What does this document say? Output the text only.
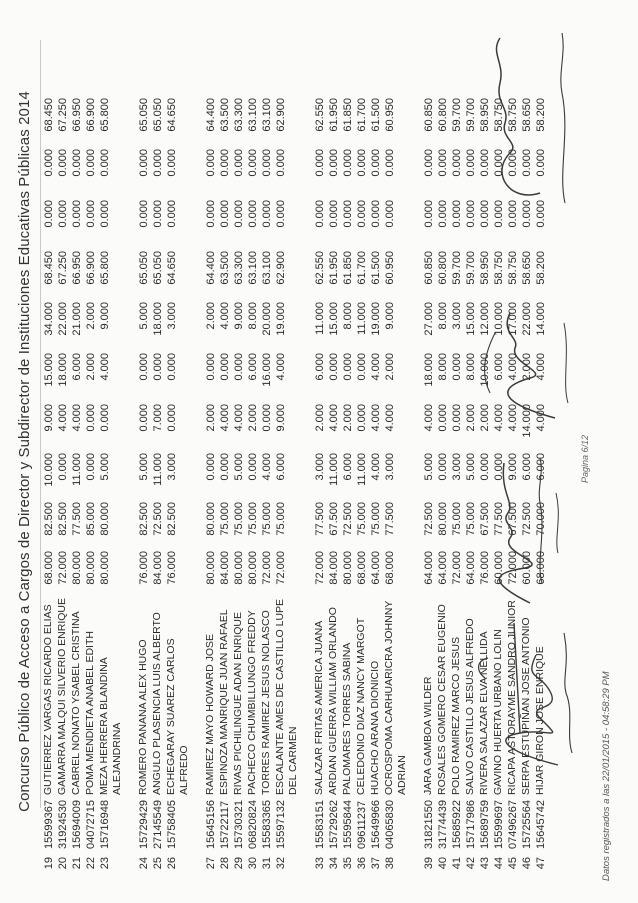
Concurso Público de Acceso a Cargos de Director y Subdirector de Instituciones Educativas Públicas 2014
19
15599367
GUTIERREZ VARGAS RICARDO ELIAS
68.000
82.500
10.000
9.000
15.000
34.000
68.450
0.000
0.000
68.450
20
31924530
GAMARRA MALQUI SILVERIO ENRIQUE
72.000
82.500
0.000
4.000
18.000
22.000
67.250
0.000
0.000
67.250
21
15694009
CABREL NONATO YSABEL CRISTINA
80.000
77.500
11.000
4.000
6.000
21.000
66.950
0.000
0.000
66.950
22
04072715
POMA MENDIETA ANABEL EDITH
80.000
85.000
0.000
0.000
2.000
2.000
66.900
0.000
0.000
66.900
23
15716948
MEZA HERRERA BLANDINA ALEJANDRINA
80.000
80.000
5.000
0.000
4.000
9.000
65.800
0.000
0.000
65.800
24
15729429
ROMERO PANANA ALEX HUGO
76.000
82.500
5.000
0.000
0.000
5.000
65.050
0.000
0.000
65.050
25
27145549
ANGULO PLASENCIA LUIS ALBERTO
84.000
72.500
11.000
7.000
0.000
18.000
65.050
0.000
0.000
65.050
26
15758405
ECHEGARAY SUAREZ CARLOS ALFREDO
76.000
82.500
3.000
0.000
0.000
3.000
64.650
0.000
0.000
64.650
27
15645156
RAMIREZ MAYO HOWARD JOSE
80.000
80.000
0.000
2.000
0.000
2.000
64.400
0.000
0.000
64.400
28
15722117
ESPINOZA MANRIQUE JUAN RAFAEL
84.000
75.000
0.000
4.000
0.000
4.000
63.500
0.000
0.000
63.500
29
15730321
RIVAS PICHILINGUE ADAN ENRIQUE
80.000
75.000
5.000
4.000
0.000
9.000
63.300
0.000
0.000
63.300
30
06820824
PACHECO CHUMBILLUNGO FREDDY
80.000
75.000
0.000
2.000
6.000
8.000
63.100
0.000
0.000
63.100
31
15583365
TORRES RAMIREZ JESUS NOLASCO
72.000
75.000
4.000
0.000
16.000
20.000
63.100
0.000
0.000
63.100
32
15597132
ESCALANTE AMES DE CASTILLO LUPE DEL CARMEN
72.000
75.000
6.000
9.000
4.000
19.000
62.900
0.000
0.000
62.900
33
15583151
SALAZAR FRITAS AMERICA JUANA
72.000
77.500
3.000
2.000
6.000
11.000
62.550
0.000
0.000
62.550
34
15729262
ARDIAN GUERRA WILLIAM ORLANDO
84.000
67.500
11.000
4.000
0.000
15.000
61.950
0.000
0.000
61.950
35
15595844
PALOMARES TORRES SABINA
80.000
72.500
6.000
2.000
0.000
8.000
61.850
0.000
0.000
61.850
36
09611237
CELEDONIO DIAZ NANCY MARGOT
68.000
75.000
11.000
0.000
0.000
11.000
61.700
0.000
0.000
61.700
37
15649966
HUACHO ARANA DIONICIO
64.000
75.000
4.000
4.000
4.000
19.000
61.500
0.000
0.000
61.500
38
04065830
OCROSPOMA CARHUARICRA JOHNNY ADRIAN
68.000
77.500
3.000
4.000
2.000
9.000
60.950
0.000
0.000
60.950
39
31821550
JARA GAMBOA WILDER
64.000
72.500
5.000
4.000
18.000
27.000
60.850
0.000
0.000
60.850
40
31774439
ROSALES GOMERO CESAR EUGENIO
64.000
80.000
0.000
0.000
8.000
8.000
60.800
0.000
0.000
60.800
41
15685922
POLO RAMIREZ MARCO JESUS
72.000
75.000
3.000
0.000
0.000
3.000
59.700
0.000
0.000
59.700
42
15717986
SALVO CASTILLO JESUS ALFREDO
64.000
75.000
5.000
2.000
8.000
15.000
59.700
0.000
0.000
59.700
43
15689759
RIVERA SALAZAR ELVA NELLIDA
76.000
67.500
0.000
2.000
10.000
12.000
58.950
0.000
0.000
58.950
44
15599697
GAVINO HUERTA URBANO LOLIN
60.000
77.500
0.000
4.000
6.000
10.000
58.750
0.000
0.000
58.750
45
07496267
RICAPA ASTORAYME SANDRO JUNIOR
72.000
67.500
9.000
4.000
4.000
17.000
58.750
0.000
0.000
58.750
46
15725564
SERPA ESTUPIÑAN JOSE ANTONIO
60.000
72.500
6.000
14.000
2.000
22.000
58.650
0.000
0.000
58.650
47
15645742
HIJAR GIRON JOSE ENRIQUE
68.000
70.000
6.000
4.000
4.000
14.000
58.200
0.000
0.000
58.200
Datos registrados a las 22/01/2015 - 04:58:29 PM
Pagina 6/12
